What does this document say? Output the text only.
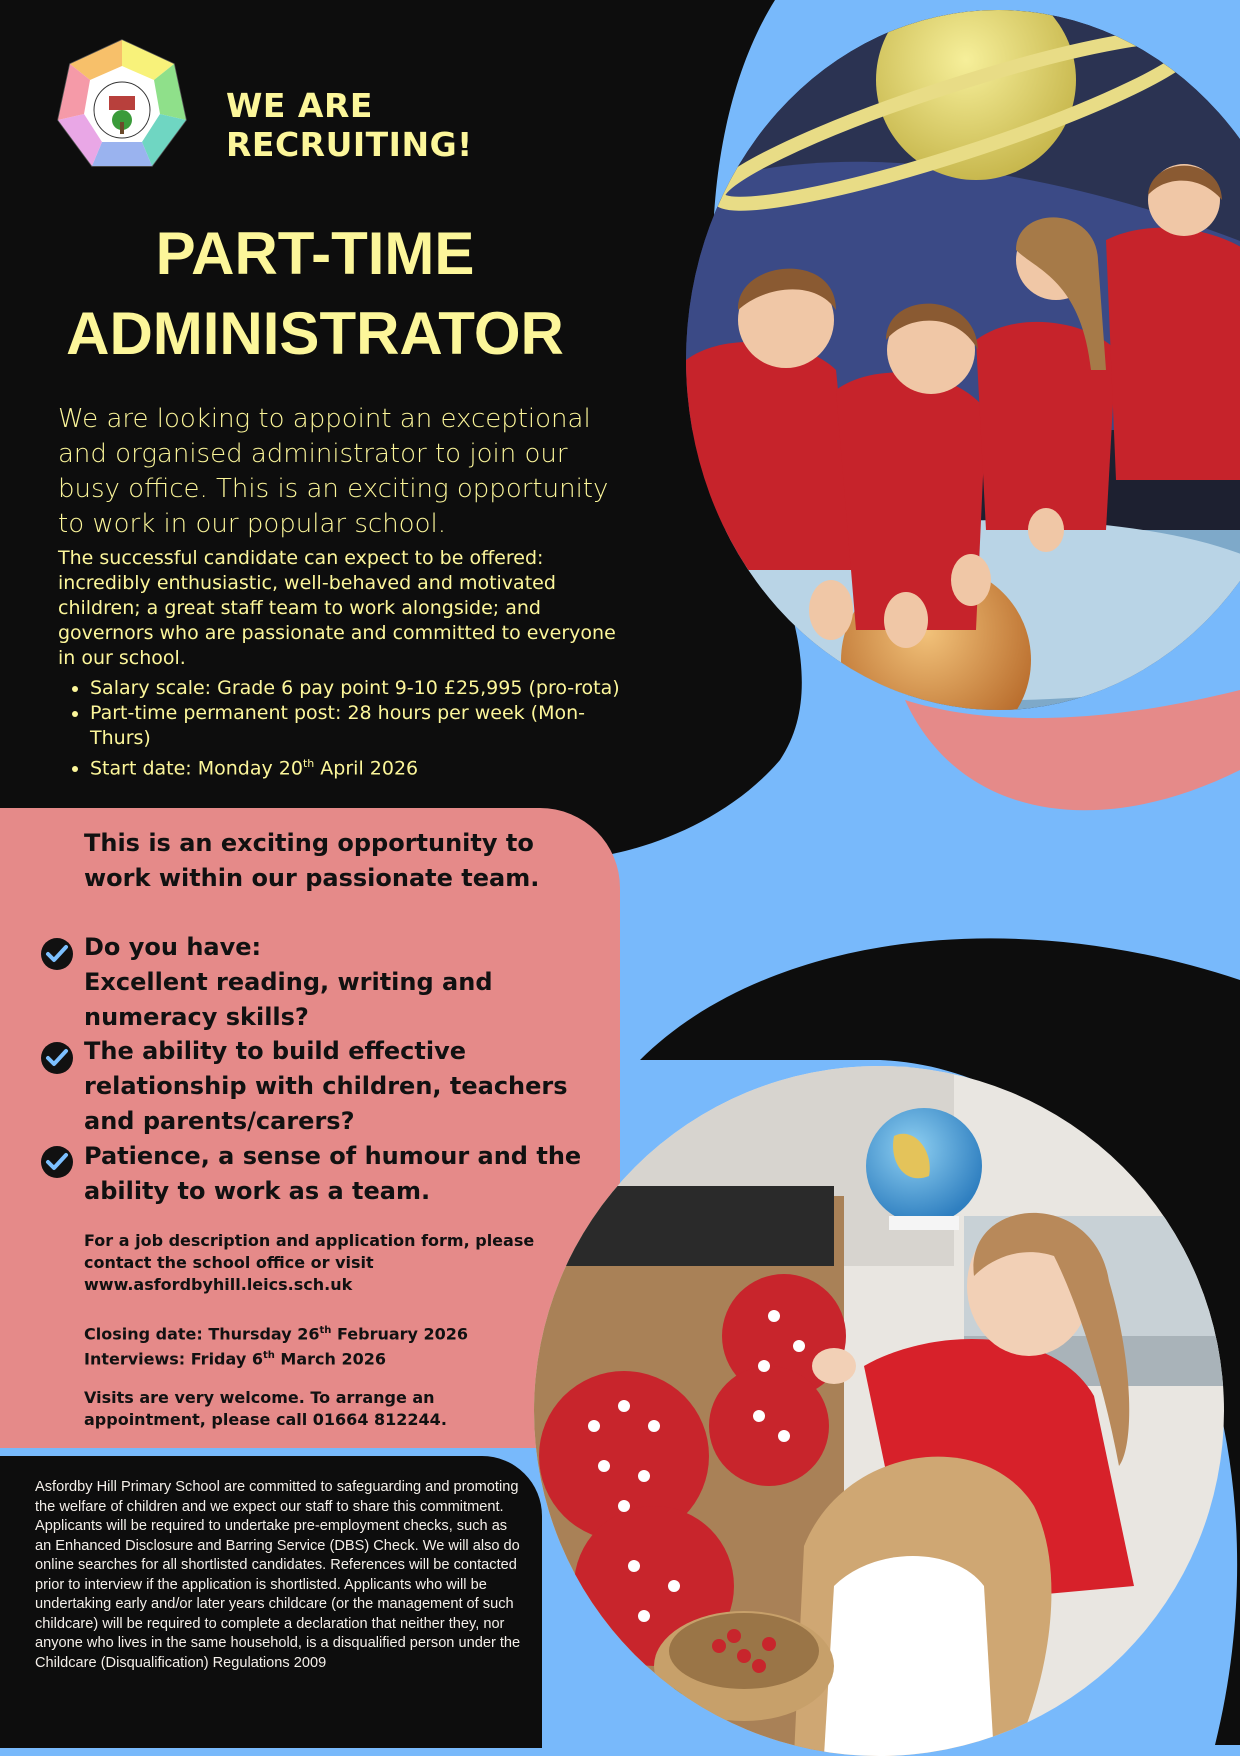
WE ARE RECRUITING!
PART-TIME
ADMINISTRATOR
We are looking to appoint an exceptional and organised administrator to join our busy office. This is an exciting opportunity to work in our popular school.
The successful candidate can expect to be offered: incredibly enthusiastic, well-behaved and motivated children; a great staff team to work alongside; and governors who are passionate and committed to everyone in our school.
• Salary scale: Grade 6 pay point 9-10 £25,995 (pro-rota)
• Part-time permanent post: 28 hours per week (Mon-Thurs)
• Start date: Monday 20th April 2026
This is an exciting opportunity to work within our passionate team.
Do you have:
Excellent reading, writing and numeracy skills?
The ability to build effective relationship with children, teachers and parents/carers?
Patience, a sense of humour and the ability to work as a team.
For a job description and application form, please contact the school office or visit www.asfordbyhill.leics.sch.uk
Closing date: Thursday 26th February 2026
Interviews: Friday 6th March 2026
Visits are very welcome. To arrange an appointment, please call 01664 812244.
Asfordby Hill Primary School are committed to safeguarding and promoting the welfare of children and we expect our staff to share this commitment. Applicants will be required to undertake pre-employment checks, such as an Enhanced Disclosure and Barring Service (DBS) Check. We will also do online searches for all shortlisted candidates. References will be contacted prior to interview if the application is shortlisted. Applicants who will be undertaking early and/or later years childcare (or the management of such childcare) will be required to complete a declaration that neither they, nor anyone who lives in the same household, is a disqualified person under the Childcare (Disqualification) Regulations 2009
